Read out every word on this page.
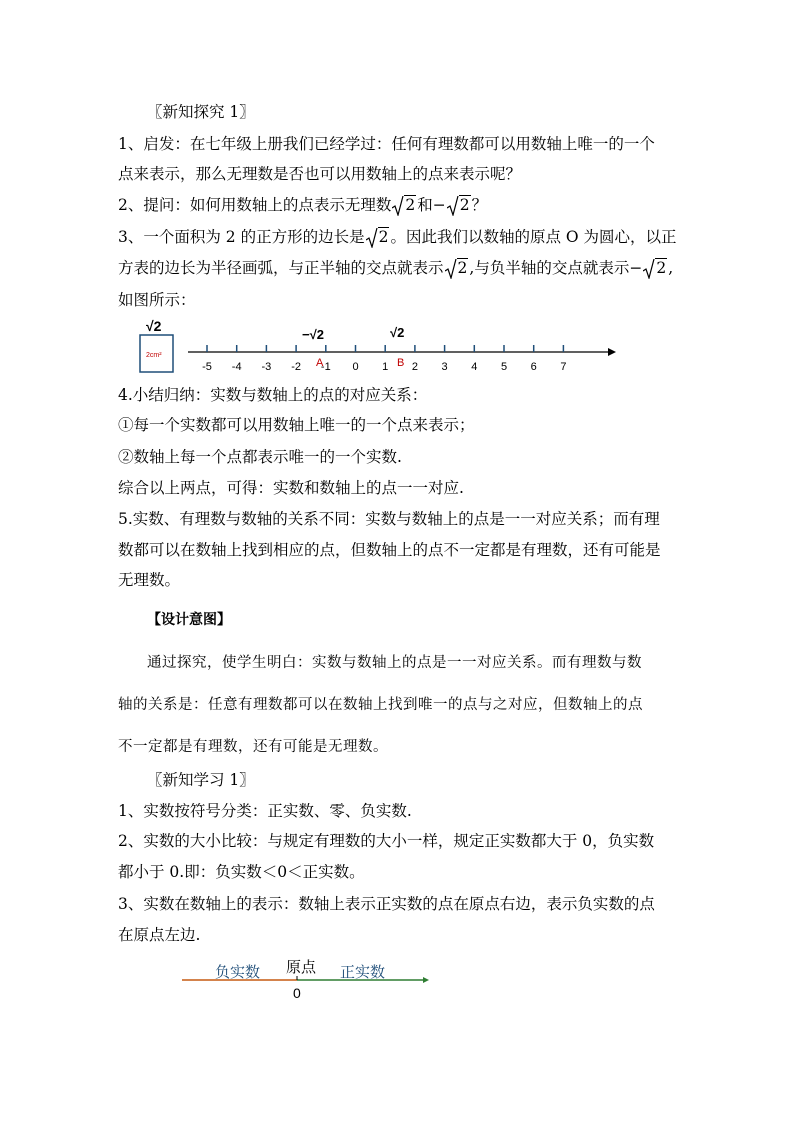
〖新知探究 1〗
1、启发：在七年级上册我们已经学过：任何有理数都可以用数轴上唯一的一个
点来表示，那么无理数是否也可以用数轴上的点来表示呢？
2、提问：如何用数轴上的点表示无理数 2 和− 2 ？
3、一个面积为 2 的正方形的边长是 2 。因此我们以数轴的原点 O 为圆心，以正
方表的边长为半径画弧，与正半轴的交点就表示 2 ,与负半轴的交点就表示− 2 ,
如图所示：
√2
2cm²
-5 -4 -3 -2 -1 0 1 2 3 4 5 6 7
−√2	√2
A	B
4.小结归纳：实数与数轴上的点的对应关系：
①每一个实数都可以用数轴上唯一的一个点来表示；
②数轴上每一个点都表示唯一的一个实数.
综合以上两点，可得：实数和数轴上的点一一对应.
5.实数、有理数与数轴的关系不同：实数与数轴上的点是一一对应关系；而有理
数都可以在数轴上找到相应的点，但数轴上的点不一定都是有理数，还有可能是
无理数。
【设计意图】
通过探究，使学生明白：实数与数轴上的点是一一对应关系。而有理数与数
轴的关系是：任意有理数都可以在数轴上找到唯一的点与之对应，但数轴上的点
不一定都是有理数，还有可能是无理数。
〖新知学习 1〗
1、实数按符号分类：正实数、零、负实数.
2、实数的大小比较：与规定有理数的大小一样，规定正实数都大于 0，负实数
都小于 0.即：负实数＜0＜正实数。
3、实数在数轴上的表示：数轴上表示正实数的点在原点右边，表示负实数的点
在原点左边.
负实数 原点 正实数
0
